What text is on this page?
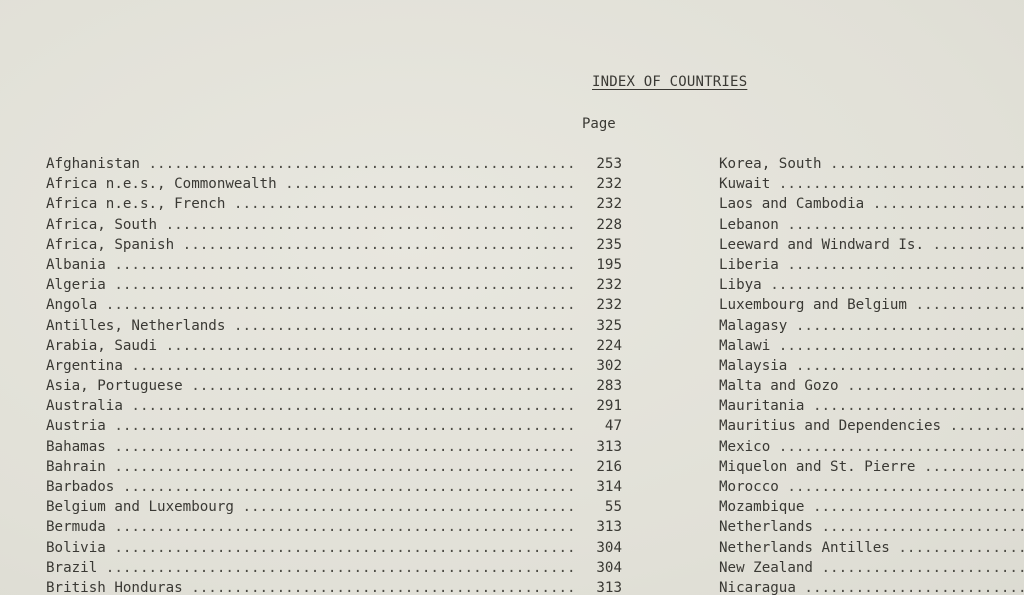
INDEX OF COUNTRIES
Page
Afghanistan .....	253
Africa n.e.s., Commonwealth .....	232
Africa n.e.s., French .....	232
Africa, South .....	228
Africa, Spanish .....	235
Albania .....	195
Algeria .....	232
Angola .....	232
Antilles, Netherlands .....	325
Arabia, Saudi .....	224
Argentina .....	302
Asia, Portuguese .....	283
Australia .....	291
Austria .....	47
Bahamas .....	313
Bahrain .....	216
Barbados .....	314
Belgium and Luxembourg .....	55
Bermuda .....	313
Bolivia .....	304
Brazil .....	304
British Honduras .....	313
Korea, South .....
Kuwait .....
Laos and Cambodia .....
Lebanon .....
Leeward and Windward Is. .....
Liberia .....
Libya .....
Luxembourg and Belgium .....
Malagasy .....
Malawi .....
Malaysia .....
Malta and Gozo .....
Mauritania .....
Mauritius and Dependencies .....
Mexico .....
Miquelon and St. Pierre .....
Morocco .....
Mozambique .....
Netherlands .....
Netherlands Antilles .....
New Zealand .....
Nicaragua .....
